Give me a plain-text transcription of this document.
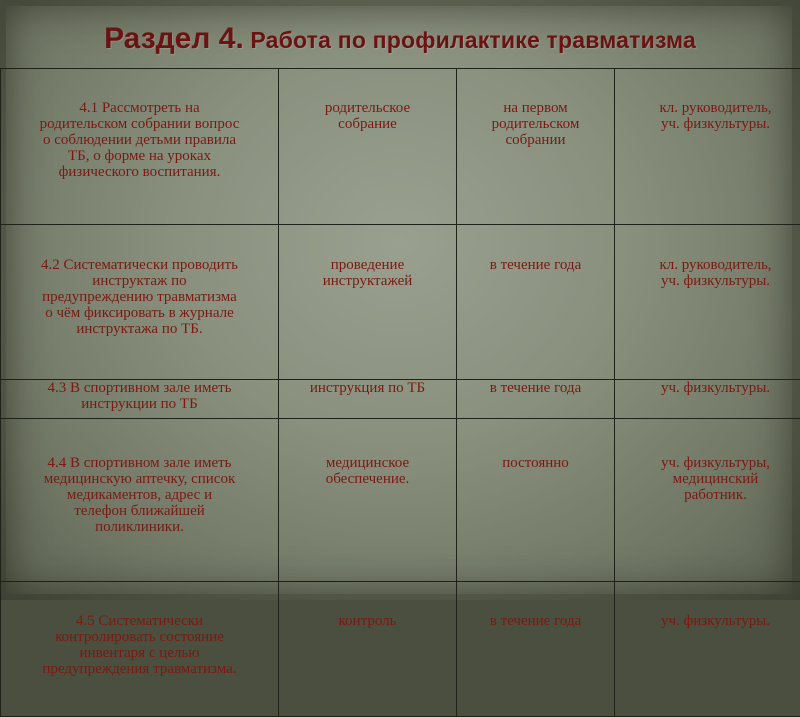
Раздел 4. Работа по профилактике травматизма
4.1 Рассмотреть на
родительском собрании вопрос
о соблюдении детьми правила
ТБ, о форме на уроках
физического воспитания.	родительское
собрание	на первом
родительском
собрании	кл. руководитель,
уч. физкультуры.

4.2 Систематически проводить
инструктаж по
предупреждению травматизма
о чём фиксировать в журнале
инструктажа по ТБ.	проведение
инструктажей	в течение года	кл. руководитель,
уч. физкультуры.

4.3 В спортивном зале иметь
инструкции по ТБ	инструкция по ТБ	в течение года	уч. физкультуры.

4.4 В спортивном зале иметь
медицинскую аптечку, список
медикаментов, адрес и
телефон ближайшей
поликлиники.	медицинское
обеспечение.	постоянно	уч. физкультуры,
медицинский
работник.

4.5 Систематически
контролировать состояние
инвентаря с целью
предупреждения травматизма.	контроль	в течение года	уч. физкультуры.
